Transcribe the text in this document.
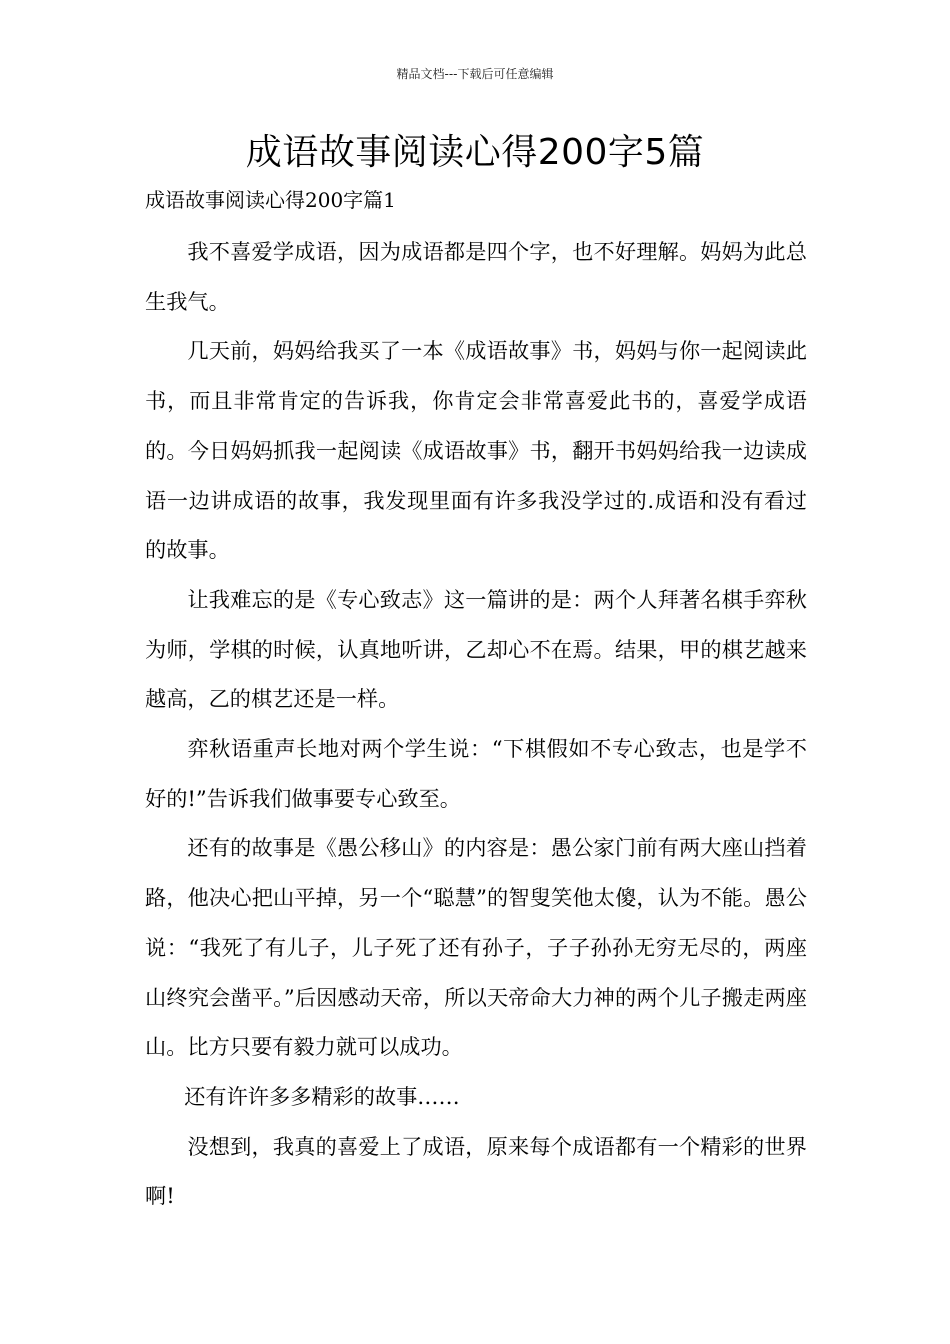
精品文档---下载后可任意编辑
成语故事阅读心得200字5篇
成语故事阅读心得200字篇1

我不喜爱学成语，因为成语都是四个字，也不好理解。妈妈为此总生我气。

几天前，妈妈给我买了一本《成语故事》书，妈妈与你一起阅读此书，而且非常肯定的告诉我，你肯定会非常喜爱此书的，喜爱学成语的。今日妈妈抓我一起阅读《成语故事》书，翻开书妈妈给我一边读成语一边讲成语的故事，我发现里面有许多我没学过的.成语和没有看过的故事。

让我难忘的是《专心致志》这一篇讲的是：两个人拜著名棋手弈秋为师，学棋的时候，认真地听讲，乙却心不在焉。结果，甲的棋艺越来越高，乙的棋艺还是一样。

弈秋语重声长地对两个学生说：“下棋假如不专心致志，也是学不好的!”告诉我们做事要专心致至。

还有的故事是《愚公移山》的内容是：愚公家门前有两大座山挡着路，他决心把山平掉，另一个“聪慧”的智叟笑他太傻，认为不能。愚公说：“我死了有儿子，儿子死了还有孙子，子子孙孙无穷无尽的，两座山终究会凿平。”后因感动天帝，所以天帝命大力神的两个儿子搬走两座山。比方只要有毅力就可以成功。

还有许许多多精彩的故事……

没想到，我真的喜爱上了成语，原来每个成语都有一个精彩的世界啊!
